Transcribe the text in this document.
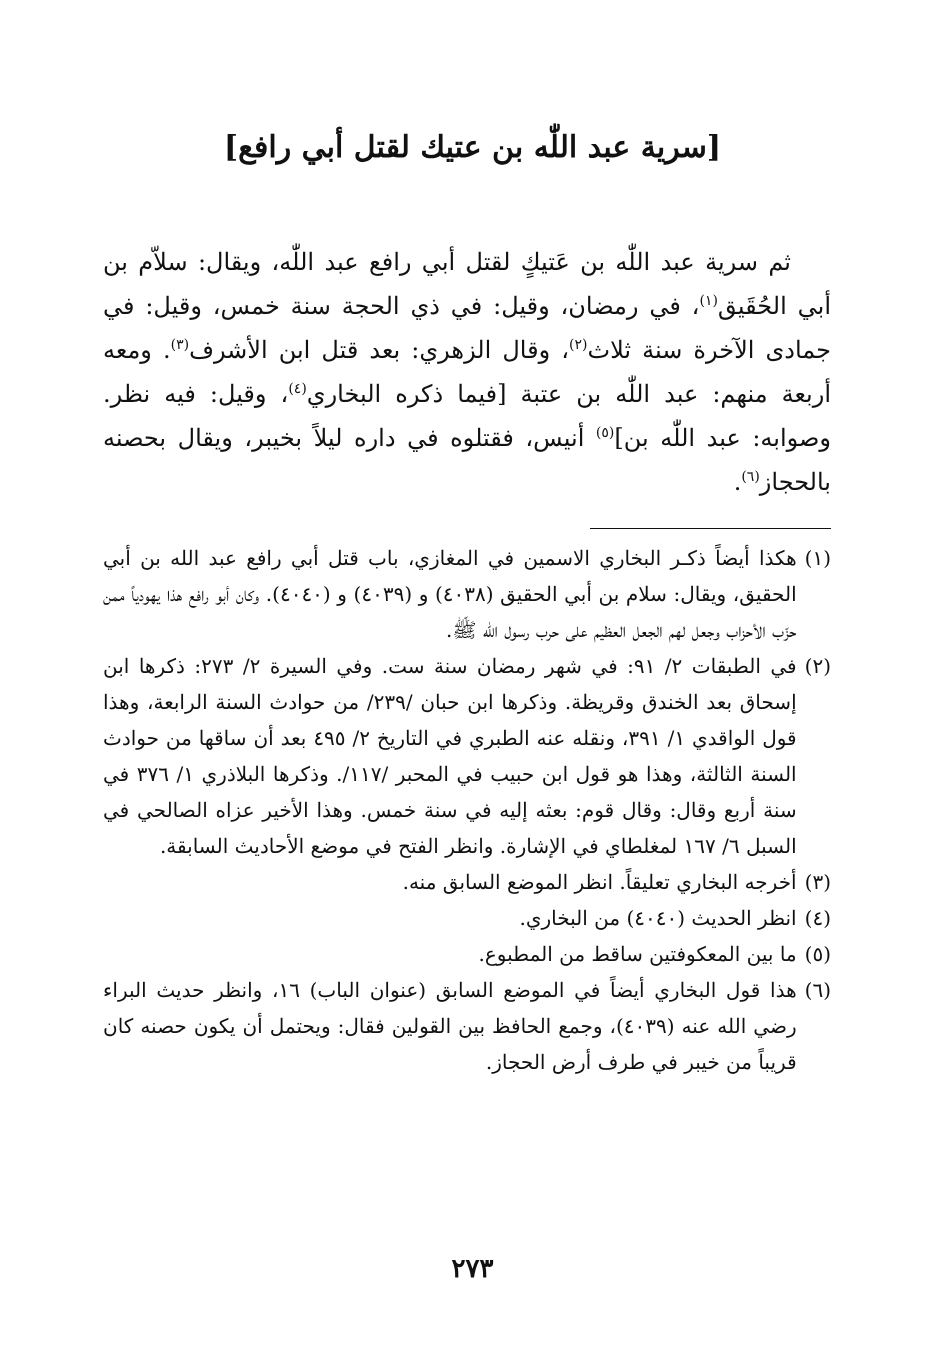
[سرية عبد اللّٰه بن عتيك لقتل أبي رافع]

ثم سرية عبد اللّٰه بن عَتيكٍ لقتل أبي رافع عبد اللّٰه، ويقال: سلاّم بن أبي الحُقَيق$^{(١)}$، في رمضان، وقيل: في ذي الحجة سنة خمس، وقيل: في جمادى الآخرة سنة ثلاث$^{(٢)}$، وقال الزهري: بعد قتل ابن الأشرف$^{(٣)}$. ومعه أربعة منهم: عبد اللّٰه بن عتبة [فيما ذكره البخاري$^{(٤)}$، وقيل: فيه نظر. وصوابه: عبد اللّٰه بن]$^{(٥)}$ أنيس، فقتلوه في داره ليلاً بخيبر، ويقال بحصنه بالحجاز$^{(٦)}$.

(١)
هكذا أيضاً ذكـر البخاري الاسمين في المغازي، باب قتل أبي رافع عبد الله بن أبي الحقيق، ويقال: سلام بن أبي الحقيق (٤٠٣٨) و (٤٠٣٩) و (٤٠٤٠). وكان أبو رافع هذا يهودياً ممن حزّب الأحزاب وجعل لهم الجعل العظيم على حرب رسول الله ﷺ.
(٢)
في الطبقات ٢/ ٩١: في شهر رمضان سنة ست. وفي السيرة ٢/ ٢٧٣: ذكرها ابن إسحاق بعد الخندق وقريظة. وذكرها ابن حبان /٢٣٩/ من حوادث السنة الرابعة، وهذا قول الواقدي ١/ ٣٩١، ونقله عنه الطبري في التاريخ ٢/ ٤٩٥ بعد أن ساقها من حوادث السنة الثالثة، وهذا هو قول ابن حبيب في المحبر /١١٧/. وذكرها البلاذري ١/ ٣٧٦ في سنة أربع وقال: وقال قوم: بعثه إليه في سنة خمس. وهذا الأخير عزاه الصالحي في السبل ٦/ ١٦٧ لمغلطاي في الإشارة. وانظر الفتح في موضع الأحاديث السابقة.
(٣)
أخرجه البخاري تعليقاً. انظر الموضع السابق منه.
(٤)
انظر الحديث (٤٠٤٠) من البخاري.
(٥)
ما بين المعكوفتين ساقط من المطبوع.
(٦)
هذا قول البخاري أيضاً في الموضع السابق (عنوان الباب) ١٦، وانظر حديث البراء رضي الله عنه (٤٠٣٩)، وجمع الحافظ بين القولين فقال: ويحتمل أن يكون حصنه كان قريباً من خيبر في طرف أرض الحجاز.
٢٧٣
